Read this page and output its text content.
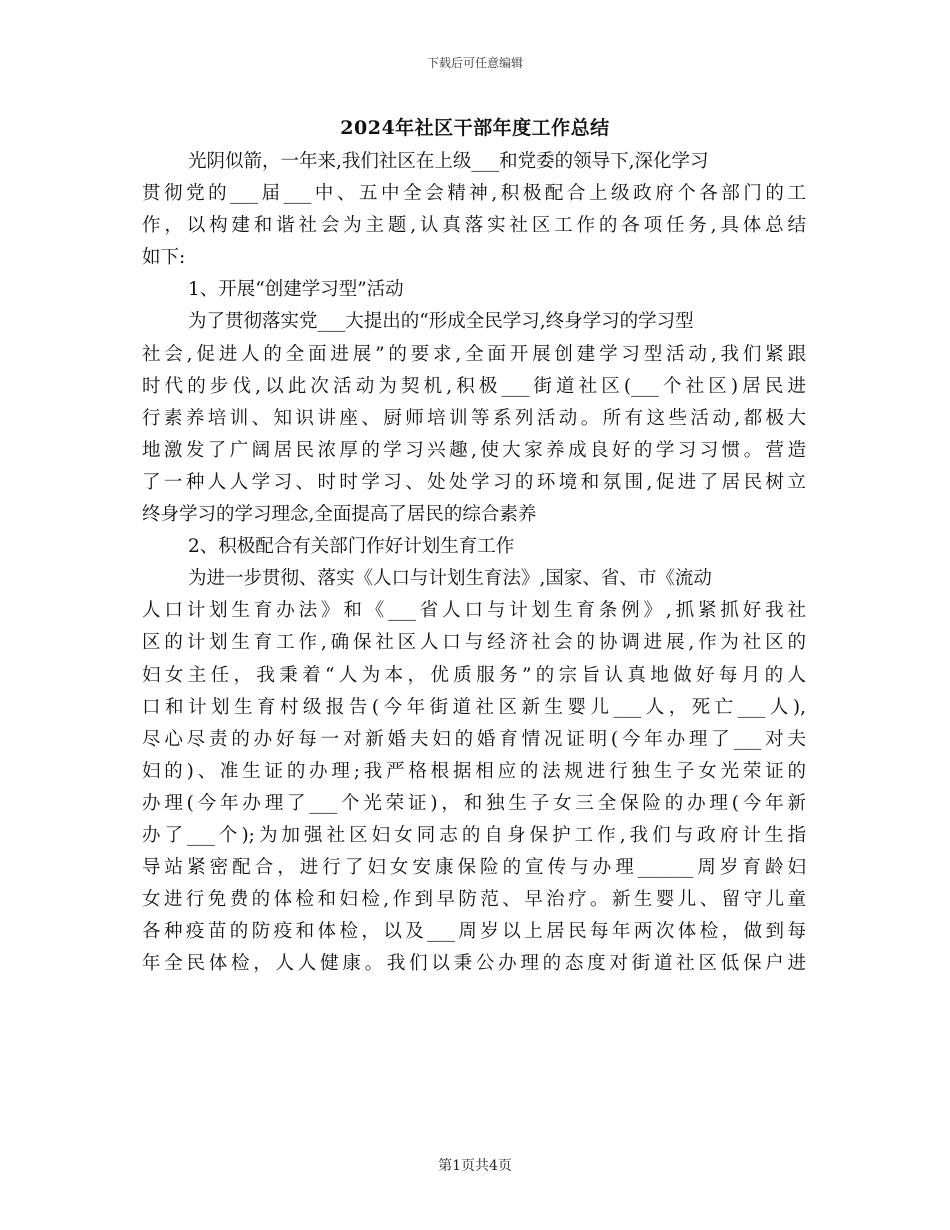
下载后可任意编辑
2024年社区干部年度工作总结
光阴似箭，一年来,我们社区在上级___和党委的领导下,深化学习
贯彻党的___届___中、五中全会精神,积极配合上级政府个各部门的工
作，以构建和谐社会为主题,认真落实社区工作的各项任务,具体总结
如下:
1、开展“创建学习型”活动
为了贯彻落实党___大提出的“形成全民学习,终身学习的学习型
社会,促进人的全面进展”的要求,全面开展创建学习型活动,我们紧跟
时代的步伐,以此次活动为契机,积极___街道社区(___个社区)居民进
行素养培训、知识讲座、厨师培训等系列活动。所有这些活动,都极大
地激发了广阔居民浓厚的学习兴趣,使大家养成良好的学习习惯。营造
了一种人人学习、时时学习、处处学习的环境和氛围,促进了居民树立
终身学习的学习理念,全面提高了居民的综合素养
2、积极配合有关部门作好计划生育工作
为进一步贯彻、落实《人口与计划生育法》,国家、省、市《流动
人口计划生育办法》和《___省人口与计划生育条例》,抓紧抓好我社
区的计划生育工作,确保社区人口与经济社会的协调进展,作为社区的
妇女主任，我秉着“人为本，优质服务”的宗旨认真地做好每月的人
口和计划生育村级报告(今年街道社区新生婴儿___人，死亡___人),
尽心尽责的办好每一对新婚夫妇的婚育情况证明(今年办理了___对夫
妇的)、准生证的办理;我严格根据相应的法规进行独生子女光荣证的
办理(今年办理了___个光荣证)，和独生子女三全保险的办理(今年新
办了___个);为加强社区妇女同志的自身保护工作,我们与政府计生指
导站紧密配合，进行了妇女安康保险的宣传与办理______周岁育龄妇
女进行免费的体检和妇检,作到早防范、早治疗。新生婴儿、留守儿童
各种疫苗的防疫和体检，以及___周岁以上居民每年两次体检，做到每
年全民体检，人人健康。我们以秉公办理的态度对街道社区低保户进
第1页共4页
